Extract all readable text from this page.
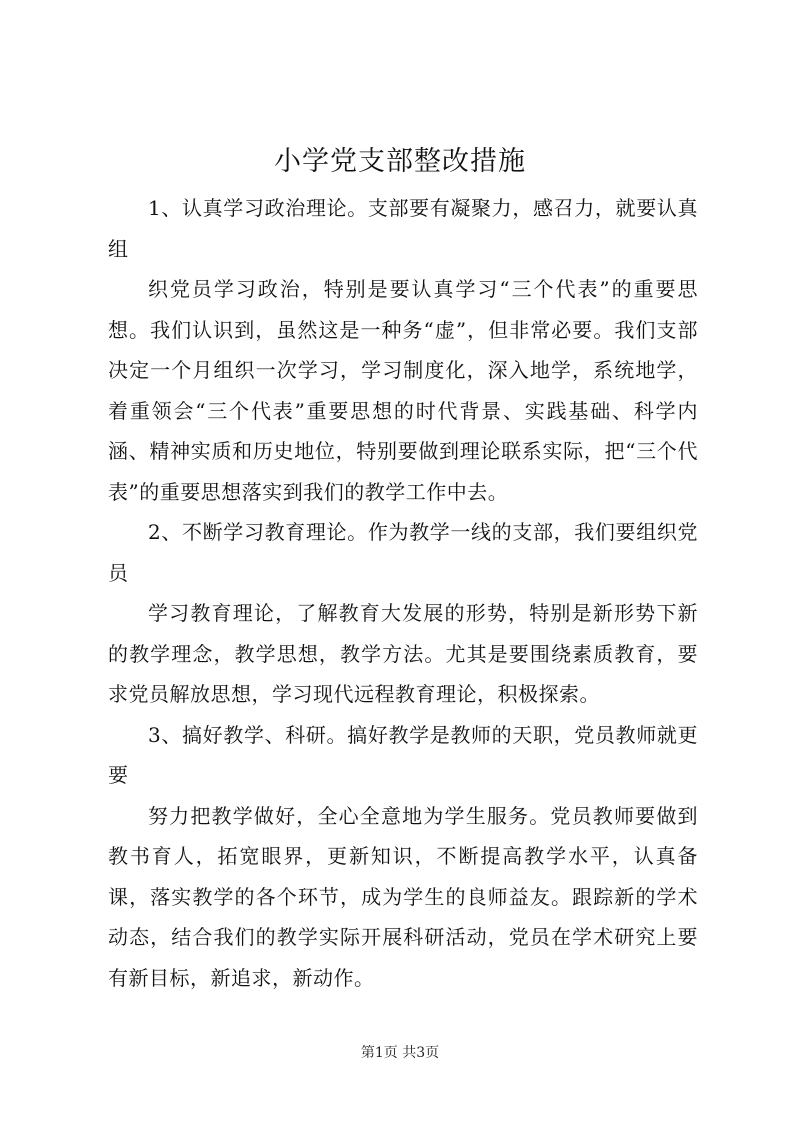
小学党支部整改措施

1、认真学习政治理论。支部要有凝聚力，感召力，就要认真组

织党员学习政治，特别是要认真学习“三个代表”的重要思想。我们认识到，虽然这是一种务“虚”，但非常必要。我们支部决定一个月组织一次学习，学习制度化，深入地学，系统地学，着重领会“三个代表”重要思想的时代背景、实践基础、科学内涵、精神实质和历史地位，特别要做到理论联系实际，把“三个代表”的重要思想落实到我们的教学工作中去。

2、不断学习教育理论。作为教学一线的支部，我们要组织党员

学习教育理论，了解教育大发展的形势，特别是新形势下新的教学理念，教学思想，教学方法。尤其是要围绕素质教育，要求党员解放思想，学习现代远程教育理论，积极探索。

3、搞好教学、科研。搞好教学是教师的天职，党员教师就更要

努力把教学做好，全心全意地为学生服务。党员教师要做到教书育人，拓宽眼界，更新知识，不断提高教学水平，认真备课，落实教学的各个环节，成为学生的良师益友。跟踪新的学术动态，结合我们的教学实际开展科研活动，党员在学术研究上要有新目标，新追求，新动作。

第1页 共3页
